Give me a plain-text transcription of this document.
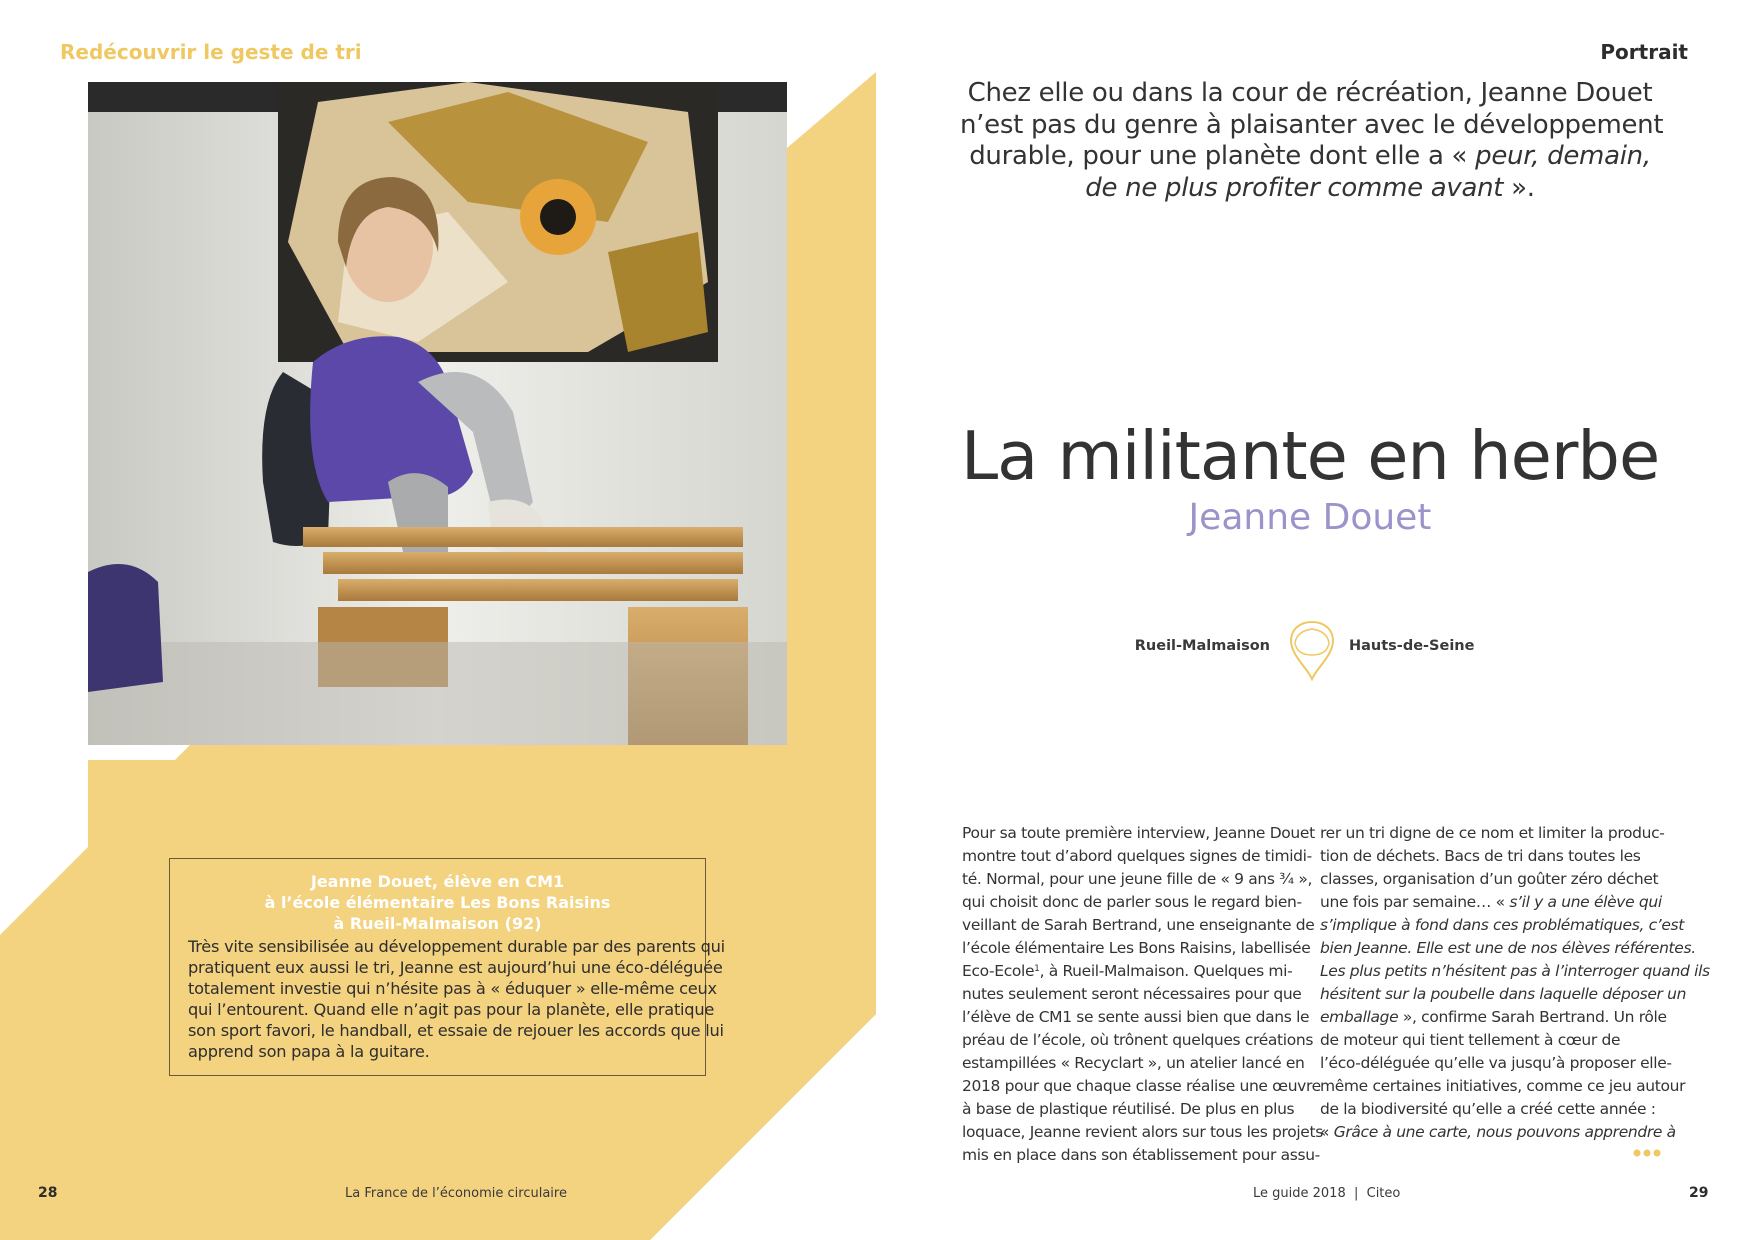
Redécouvrir le geste de tri	Portrait
Jeanne Douet, élève en CM1
à l’école élémentaire Les Bons Raisins
à Rueil-Malmaison (92)
Très vite sensibilisée au développement durable par des parents qui
pratiquent eux aussi le tri, Jeanne est aujourd’hui une éco-déléguée
totalement investie qui n’hésite pas à « éduquer » elle-même ceux
qui l’entourent. Quand elle n’agit pas pour la planète, elle pratique
son sport favori, le handball, et essaie de rejouer les accords que lui
apprend son papa à la guitare.
Chez elle ou dans la cour de récréation, Jeanne Douet
n’est pas du genre à plaisanter avec le développement
durable, pour une planète dont elle a « peur, demain,
de ne plus profiter comme avant ».
La militante en herbe
Jeanne Douet
Rueil-Malmaison	Hauts-de-Seine
Pour sa toute première interview, Jeanne Douet
montre tout d’abord quelques signes de timidi-
té. Normal, pour une jeune fille de « 9 ans ¾ »,
qui choisit donc de parler sous le regard bien-
veillant de Sarah Bertrand, une enseignante de
l’école élémentaire Les Bons Raisins, labellisée
Eco-Ecole$^1$, à Rueil-Malmaison. Quelques mi-
nutes seulement seront nécessaires pour que
l’élève de CM1 se sente aussi bien que dans le
préau de l’école, où trônent quelques créations
estampillées « Recyclart », un atelier lancé en
2018 pour que chaque classe réalise une œuvre
à base de plastique réutilisé. De plus en plus
loquace, Jeanne revient alors sur tous les projets
mis en place dans son établissement pour assu-
rer un tri digne de ce nom et limiter la produc-
tion de déchets. Bacs de tri dans toutes les
classes, organisation d’un goûter zéro déchet
une fois par semaine… « s’il y a une élève qui
s’implique à fond dans ces problématiques, c’est
bien Jeanne. Elle est une de nos élèves référentes.
Les plus petits n’hésitent pas à l’interroger quand ils
hésitent sur la poubelle dans laquelle déposer un
emballage », confirme Sarah Bertrand. Un rôle
de moteur qui tient tellement à cœur de
l’éco-déléguée qu’elle va jusqu’à proposer elle-
même certaines initiatives, comme ce jeu autour
de la biodiversité qu’elle a créé cette année :
« Grâce à une carte, nous pouvons apprendre à
28	La France de l’économie circulaire	Le guide 2018  |  Citeo	29
